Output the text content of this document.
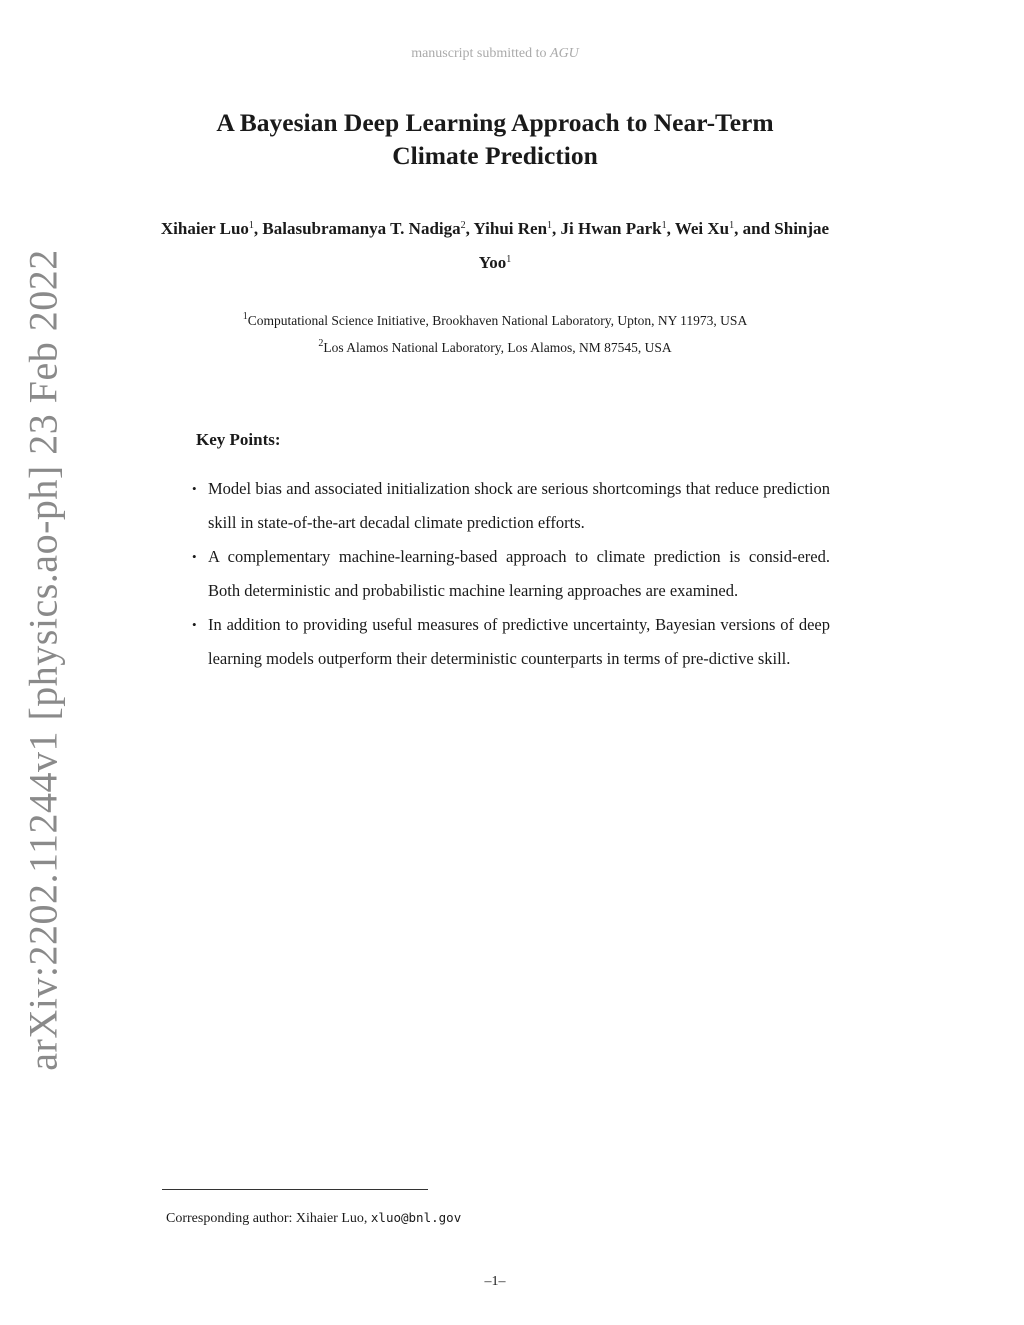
manuscript submitted to AGU
arXiv:2202.11244v1 [physics.ao-ph] 23 Feb 2022
A Bayesian Deep Learning Approach to Near-Term
Climate Prediction
Xihaier Luo$^1$, Balasubramanya T. Nadiga$^2$, Yihui Ren$^1$, Ji Hwan Park$^1$, Wei Xu$^1$, and Shinjae Yoo$^1$
$^1$Computational Science Initiative, Brookhaven National Laboratory, Upton, NY 11973, USA
$^2$Los Alamos National Laboratory, Los Alamos, NM 87545, USA
Key Points:
• Model bias and associated initialization shock are serious shortcomings that reduce prediction skill in state-of-the-art decadal climate prediction efforts.
• A complementary machine-learning-based approach to climate prediction is consid-ered. Both deterministic and probabilistic machine learning approaches are examined.
• In addition to providing useful measures of predictive uncertainty, Bayesian versions of deep learning models outperform their deterministic counterparts in terms of pre-dictive skill.
Corresponding author: Xihaier Luo, xluo@bnl.gov
–1–
